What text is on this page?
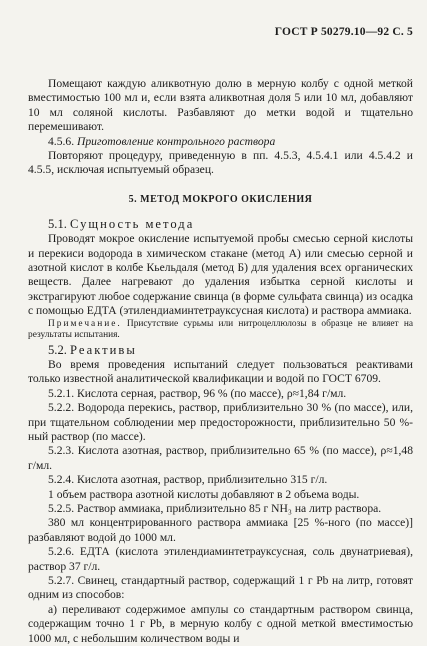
ГОСТ Р 50279.10—92 С. 5

Помещают каждую аликвотную долю в мерную колбу с одной меткой вместимостью 100 мл и, если взята аликвотная доля 5 или 10 мл, добавляют 10 мл соляной кислоты. Разбавляют до метки водой и тщательно перемешивают.

4.5.6. Приготовление контрольного раствора

Повторяют процедуру, приведенную в пп. 4.5.3, 4.5.4.1 или 4.5.4.2 и 4.5.5, исключая испытуемый образец.

5. МЕТОД МОКРОГО ОКИСЛЕНИЯ

5.1. Сущность метода

Проводят мокрое окисление испытуемой пробы смесью серной кислоты и перекиси водорода в химическом стакане (метод А) или смесью серной и азотной кислот в колбе Кьельдаля (метод Б) для удаления всех органических веществ. Далее нагревают до удаления избытка серной кислоты и экстрагируют любое содержание свинца (в форме сульфата свинца) из осадка с помощью ЕДТА (этилендиаминтетрауксусная кислота) и раствора аммиака.

Примечание. Присутствие сурьмы или нитроцеллюлозы в образце не влияет на результаты испытания.

5.2. Реактивы

Во время проведения испытаний следует пользоваться реактивами только известной аналитической квалификации и водой по ГОСТ 6709.

5.2.1. Кислота серная, раствор, 96 % (по массе), ρ≈1,84 г/мл.

5.2.2. Водорода перекись, раствор, приблизительно 30 % (по массе), или, при тщательном соблюдении мер предосторожности, приблизительно 50 %-ный раствор (по массе).

5.2.3. Кислота азотная, раствор, приблизительно 65 % (по массе), ρ≈1,48 г/мл.

5.2.4. Кислота азотная, раствор, приблизительно 315 г/л.

1 объем раствора азотной кислоты добавляют в 2 объема воды.

5.2.5. Раствор аммиака, приблизительно 85 г NH₃ на литр раствора.

380 мл концентрированного раствора аммиака [25 %-ного (по массе)] разбавляют водой до 1000 мл.

5.2.6. ЕДТА (кислота этилендиаминтетрауксусная, соль двунатриевая), раствор 37 г/л.

5.2.7. Свинец, стандартный раствор, содержащий 1 г Pb на литр, готовят одним из способов:

а) переливают содержимое ампулы со стандартным раствором свинца, содержащим точно 1 г Pb, в мерную колбу с одной меткой вместимостью 1000 мл, с небольшим количеством воды и
